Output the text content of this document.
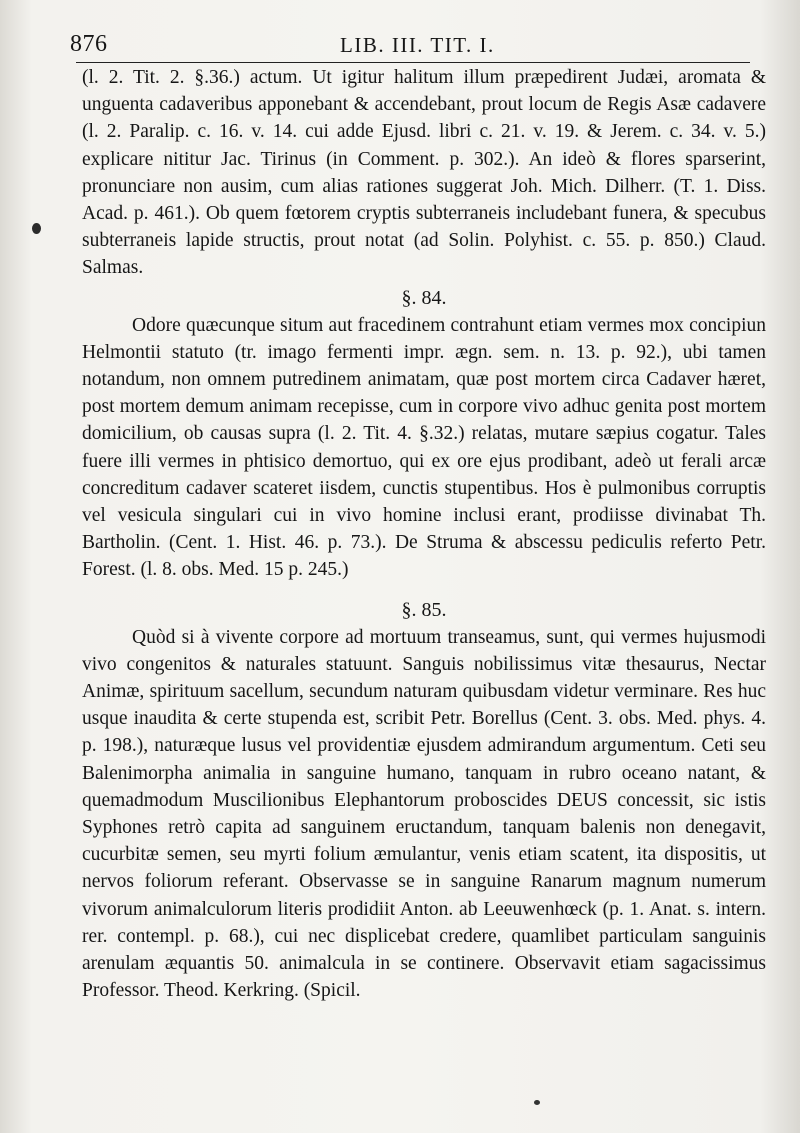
876	LIB. III. TIT. I.

(l. 2. Tit. 2. §.36.) actum. Ut igitur halitum illum præpedirent Judæi, aromata & unguenta cadaveribus apponebant & accendebant, prout locum de Regis Asæ cadavere (l. 2. Paralip. c. 16. v. 14. cui adde Ejusd. libri c. 21. v. 19. & Jerem. c. 34. v. 5.) explicare nititur Jac. Tirinus (in Comment. p. 302.). An ideò & flores sparserint, pronunciare non ausim, cum alias rationes suggerat Joh. Mich. Dilherr. (T. 1. Diss. Acad. p. 461.). Ob quem fœtorem cryptis subterraneis includebant funera, & specubus subterraneis lapide structis, prout notat (ad Solin. Polyhist. c. 55. p. 850.) Claud. Salmas.

§. 84.

Odore quæcunque situm aut fracedinem contrahunt etiam vermes mox concipiun Helmontii statuto (tr. imago fermenti impr. ægn. sem. n. 13. p. 92.), ubi tamen notandum, non omnem putredinem animatam, quæ post mortem circa Cadaver hæret, post mortem demum animam recepisse, cum in corpore vivo adhuc genita post mortem domicilium, ob causas supra (l. 2. Tit. 4. §.32.) relatas, mutare sæpius cogatur. Tales fuere illi vermes in phtisico demortuo, qui ex ore ejus prodibant, adeò ut ferali arcæ concreditum cadaver scateret iisdem, cunctis stupentibus. Hos è pulmonibus corruptis vel vesicula singulari cui in vivo homine inclusi erant, prodiisse divinabat Th. Bartholin. (Cent. 1. Hist. 46. p. 73.). De Struma & abscessu pediculis referto Petr. Forest. (l. 8. obs. Med. 15 p. 245.)

§. 85.

Quòd si à vivente corpore ad mortuum transeamus, sunt, qui vermes hujusmodi vivo congenitos & naturales statuunt. Sanguis nobilissimus vitæ thesaurus, Nectar Animæ, spirituum sacellum, secundum naturam quibusdam videtur verminare. Res huc usque inaudita & certe stupenda est, scribit Petr. Borellus (Cent. 3. obs. Med. phys. 4. p. 198.), naturæque lusus vel providentiæ ejusdem admirandum argumentum. Ceti seu Balenimorpha animalia in sanguine humano, tanquam in rubro oceano natant, & quemadmodum Muscilionibus Elephantorum proboscides DEUS concessit, sic istis Syphones retrò capita ad sanguinem eructandum, tanquam balenis non denegavit, cucurbitæ semen, seu myrti folium æmulantur, venis etiam scatent, ita dispositis, ut nervos foliorum referant. Observasse se in sanguine Ranarum magnum numerum vivorum animalculorum literis prodidiit Anton. ab Leeuwenhœck (p. 1. Anat. s. intern. rer. contempl. p. 68.), cui nec displicebat credere, quamlibet particulam sanguinis arenulam æquantis 50. animalcula in se continere. Observavit etiam sagacissimus Professor. Theod. Kerkring. (Spicil.
